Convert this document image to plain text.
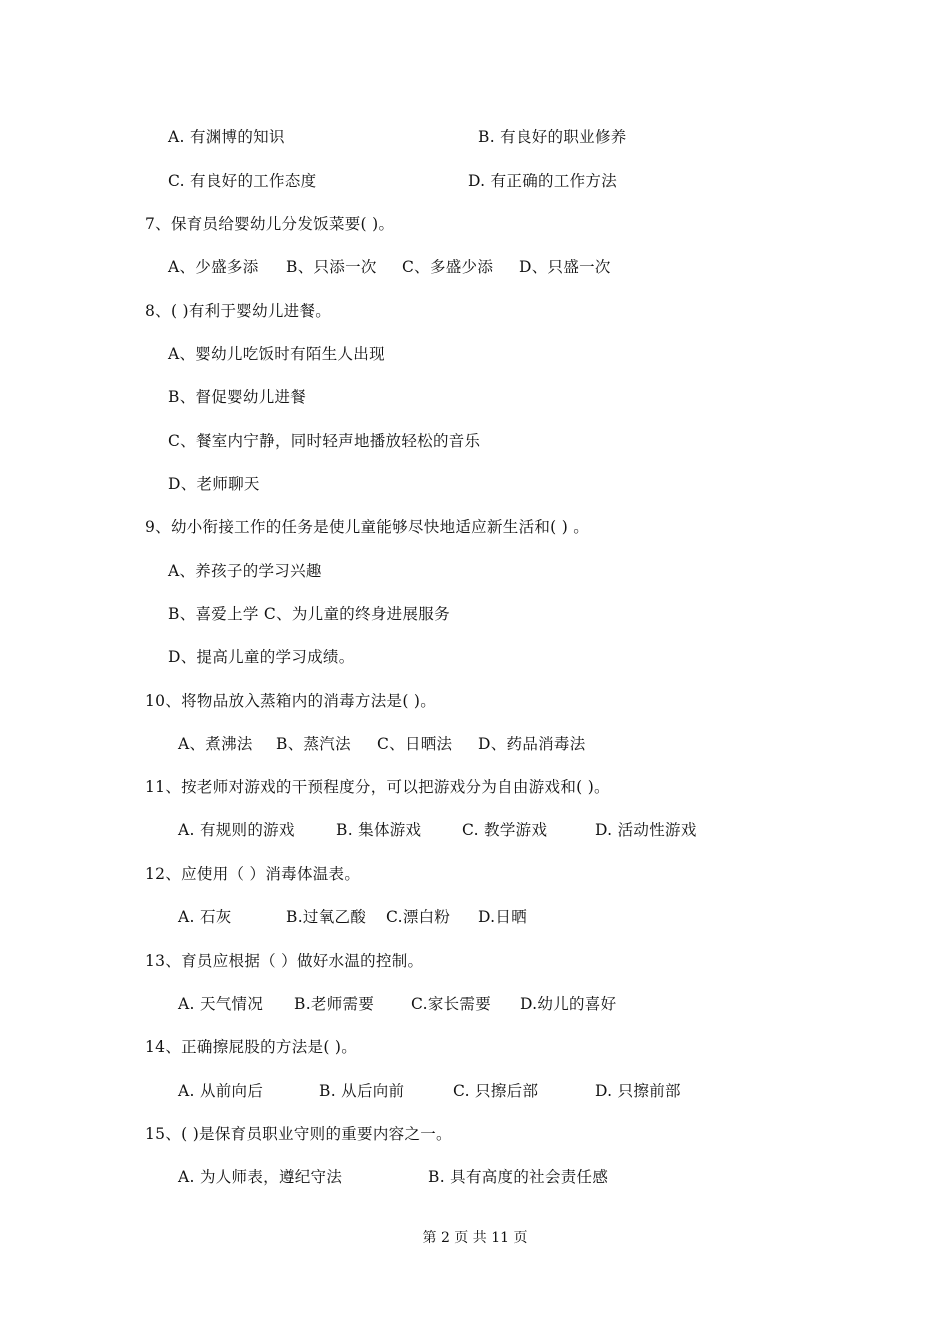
A. 有渊博的知识	B. 有良好的职业修养
C. 有良好的工作态度	D. 有正确的工作方法
7、保育员给婴幼儿分发饭菜要( )。
A、少盛多添 B、只添一次 C、多盛少添 D、只盛一次
8、( )有利于婴幼儿进餐。
A、婴幼儿吃饭时有陌生人出现
B、督促婴幼儿进餐
C、餐室内宁静，同时轻声地播放轻松的音乐
D、老师聊天
9、幼小衔接工作的任务是使儿童能够尽快地适应新生活和( ) 。
A、养孩子的学习兴趣
B、喜爱上学 C、为儿童的终身进展服务
D、提高儿童的学习成绩。
10、将物品放入蒸箱内的消毒方法是( )。
A、煮沸法 B、蒸汽法 C、日晒法 D、药品消毒法
11、按老师对游戏的干预程度分，可以把游戏分为自由游戏和( )。
A. 有规则的游戏	B. 集体游戏	C. 教学游戏	D. 活动性游戏
12、应使用（ ）消毒体温表。
A. 石灰	B.过氧乙酸 C.漂白粉 D.日晒
13、育员应根据（ ）做好水温的控制。
A. 天气情况 B.老师需要 C.家长需要 D.幼儿的喜好
14、正确擦屁股的方法是( )。
A. 从前向后	B. 从后向前	C. 只擦后部	D. 只擦前部
15、( )是保育员职业守则的重要内容之一。
A. 为人师表，遵纪守法	B. 具有高度的社会责任感
第 2 页 共 11 页
